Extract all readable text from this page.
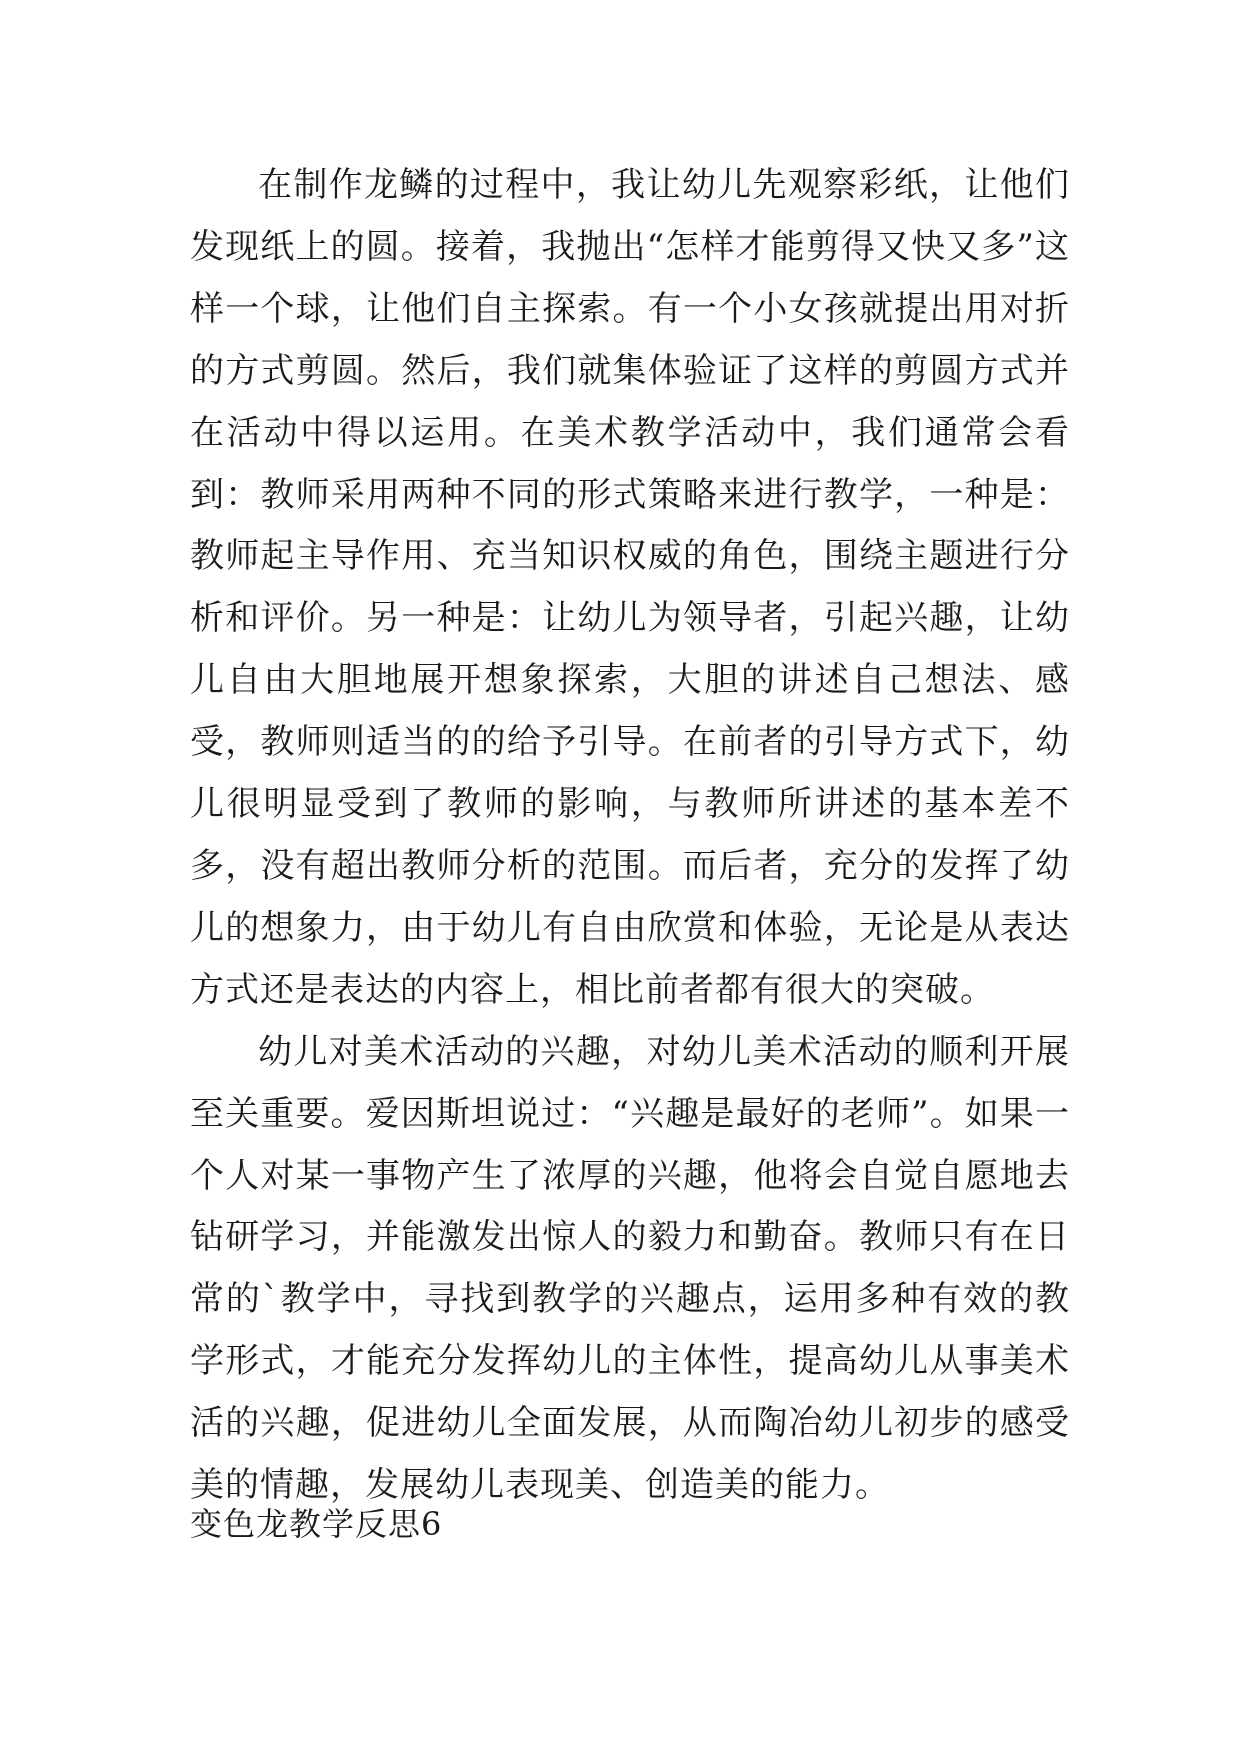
在制作龙鳞的过程中，我让幼儿先观察彩纸，让他们发现纸上的圆。接着，我抛出“怎样才能剪得又快又多”这样一个球，让他们自主探索。有一个小女孩就提出用对折的方式剪圆。然后，我们就集体验证了这样的剪圆方式并在活动中得以运用。在美术教学活动中，我们通常会看到：教师采用两种不同的形式策略来进行教学，一种是：教师起主导作用、充当知识权威的角色，围绕主题进行分析和评价。另一种是：让幼儿为领导者，引起兴趣，让幼儿自由大胆地展开想象探索，大胆的讲述自己想法、感受，教师则适当的的给予引导。在前者的引导方式下，幼儿很明显受到了教师的影响，与教师所讲述的基本差不多，没有超出教师分析的范围。而后者，充分的发挥了幼儿的想象力，由于幼儿有自由欣赏和体验，无论是从表达方式还是表达的内容上，相比前者都有很大的突破。

幼儿对美术活动的兴趣，对幼儿美术活动的顺利开展至关重要。爱因斯坦说过：“兴趣是最好的老师”。如果一个人对某一事物产生了浓厚的兴趣，他将会自觉自愿地去钻研学习，并能激发出惊人的毅力和勤奋。教师只有在日常的`教学中，寻找到教学的兴趣点，运用多种有效的教学形式，才能充分发挥幼儿的主体性，提高幼儿从事美术活的兴趣，促进幼儿全面发展，从而陶冶幼儿初步的感受美的情趣，发展幼儿表现美、创造美的能力。

变色龙教学反思6
